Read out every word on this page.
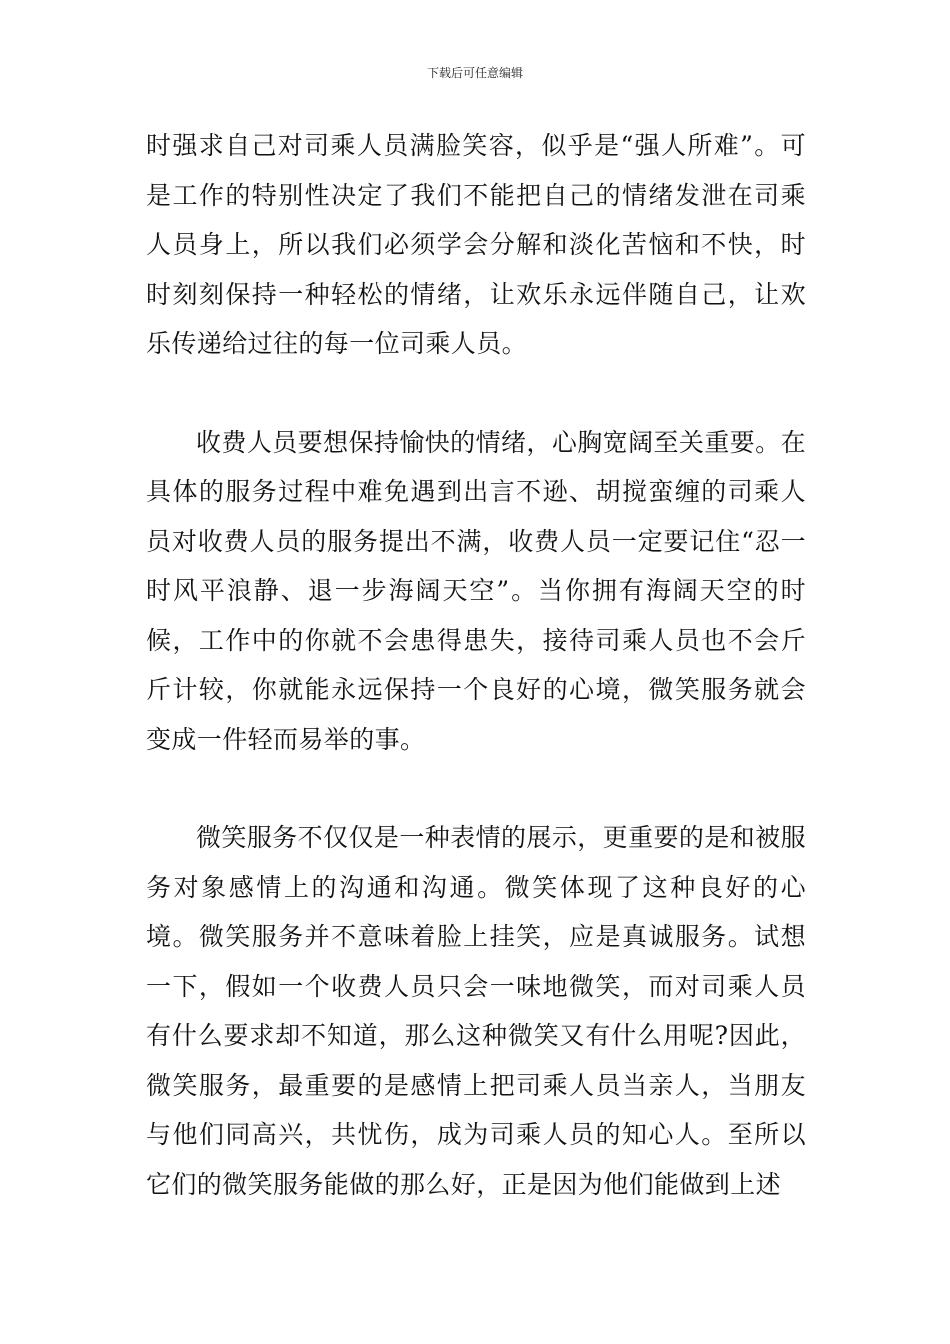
下载后可任意编辑

时强求自己对司乘人员满脸笑容，似乎是“强人所难”。可是工作的特别性决定了我们不能把自己的情绪发泄在司乘人员身上，所以我们必须学会分解和淡化苦恼和不快，时时刻刻保持一种轻松的情绪，让欢乐永远伴随自己，让欢乐传递给过往的每一位司乘人员。

收费人员要想保持愉快的情绪，心胸宽阔至关重要。在具体的服务过程中难免遇到出言不逊、胡搅蛮缠的司乘人员对收费人员的服务提出不满，收费人员一定要记住“忍一时风平浪静、退一步海阔天空”。当你拥有海阔天空的时候，工作中的你就不会患得患失，接待司乘人员也不会斤斤计较，你就能永远保持一个良好的心境，微笑服务就会变成一件轻而易举的事。

微笑服务不仅仅是一种表情的展示，更重要的是和被服务对象感情上的沟通和沟通。微笑体现了这种良好的心境。微笑服务并不意味着脸上挂笑，应是真诚服务。试想一下，假如一个收费人员只会一味地微笑，而对司乘人员有什么要求却不知道，那么这种微笑又有什么用呢?因此，微笑服务，最重要的是感情上把司乘人员当亲人，当朋友与他们同高兴，共忧伤，成为司乘人员的知心人。至所以它们的微笑服务能做的那么好，正是因为他们能做到上述
